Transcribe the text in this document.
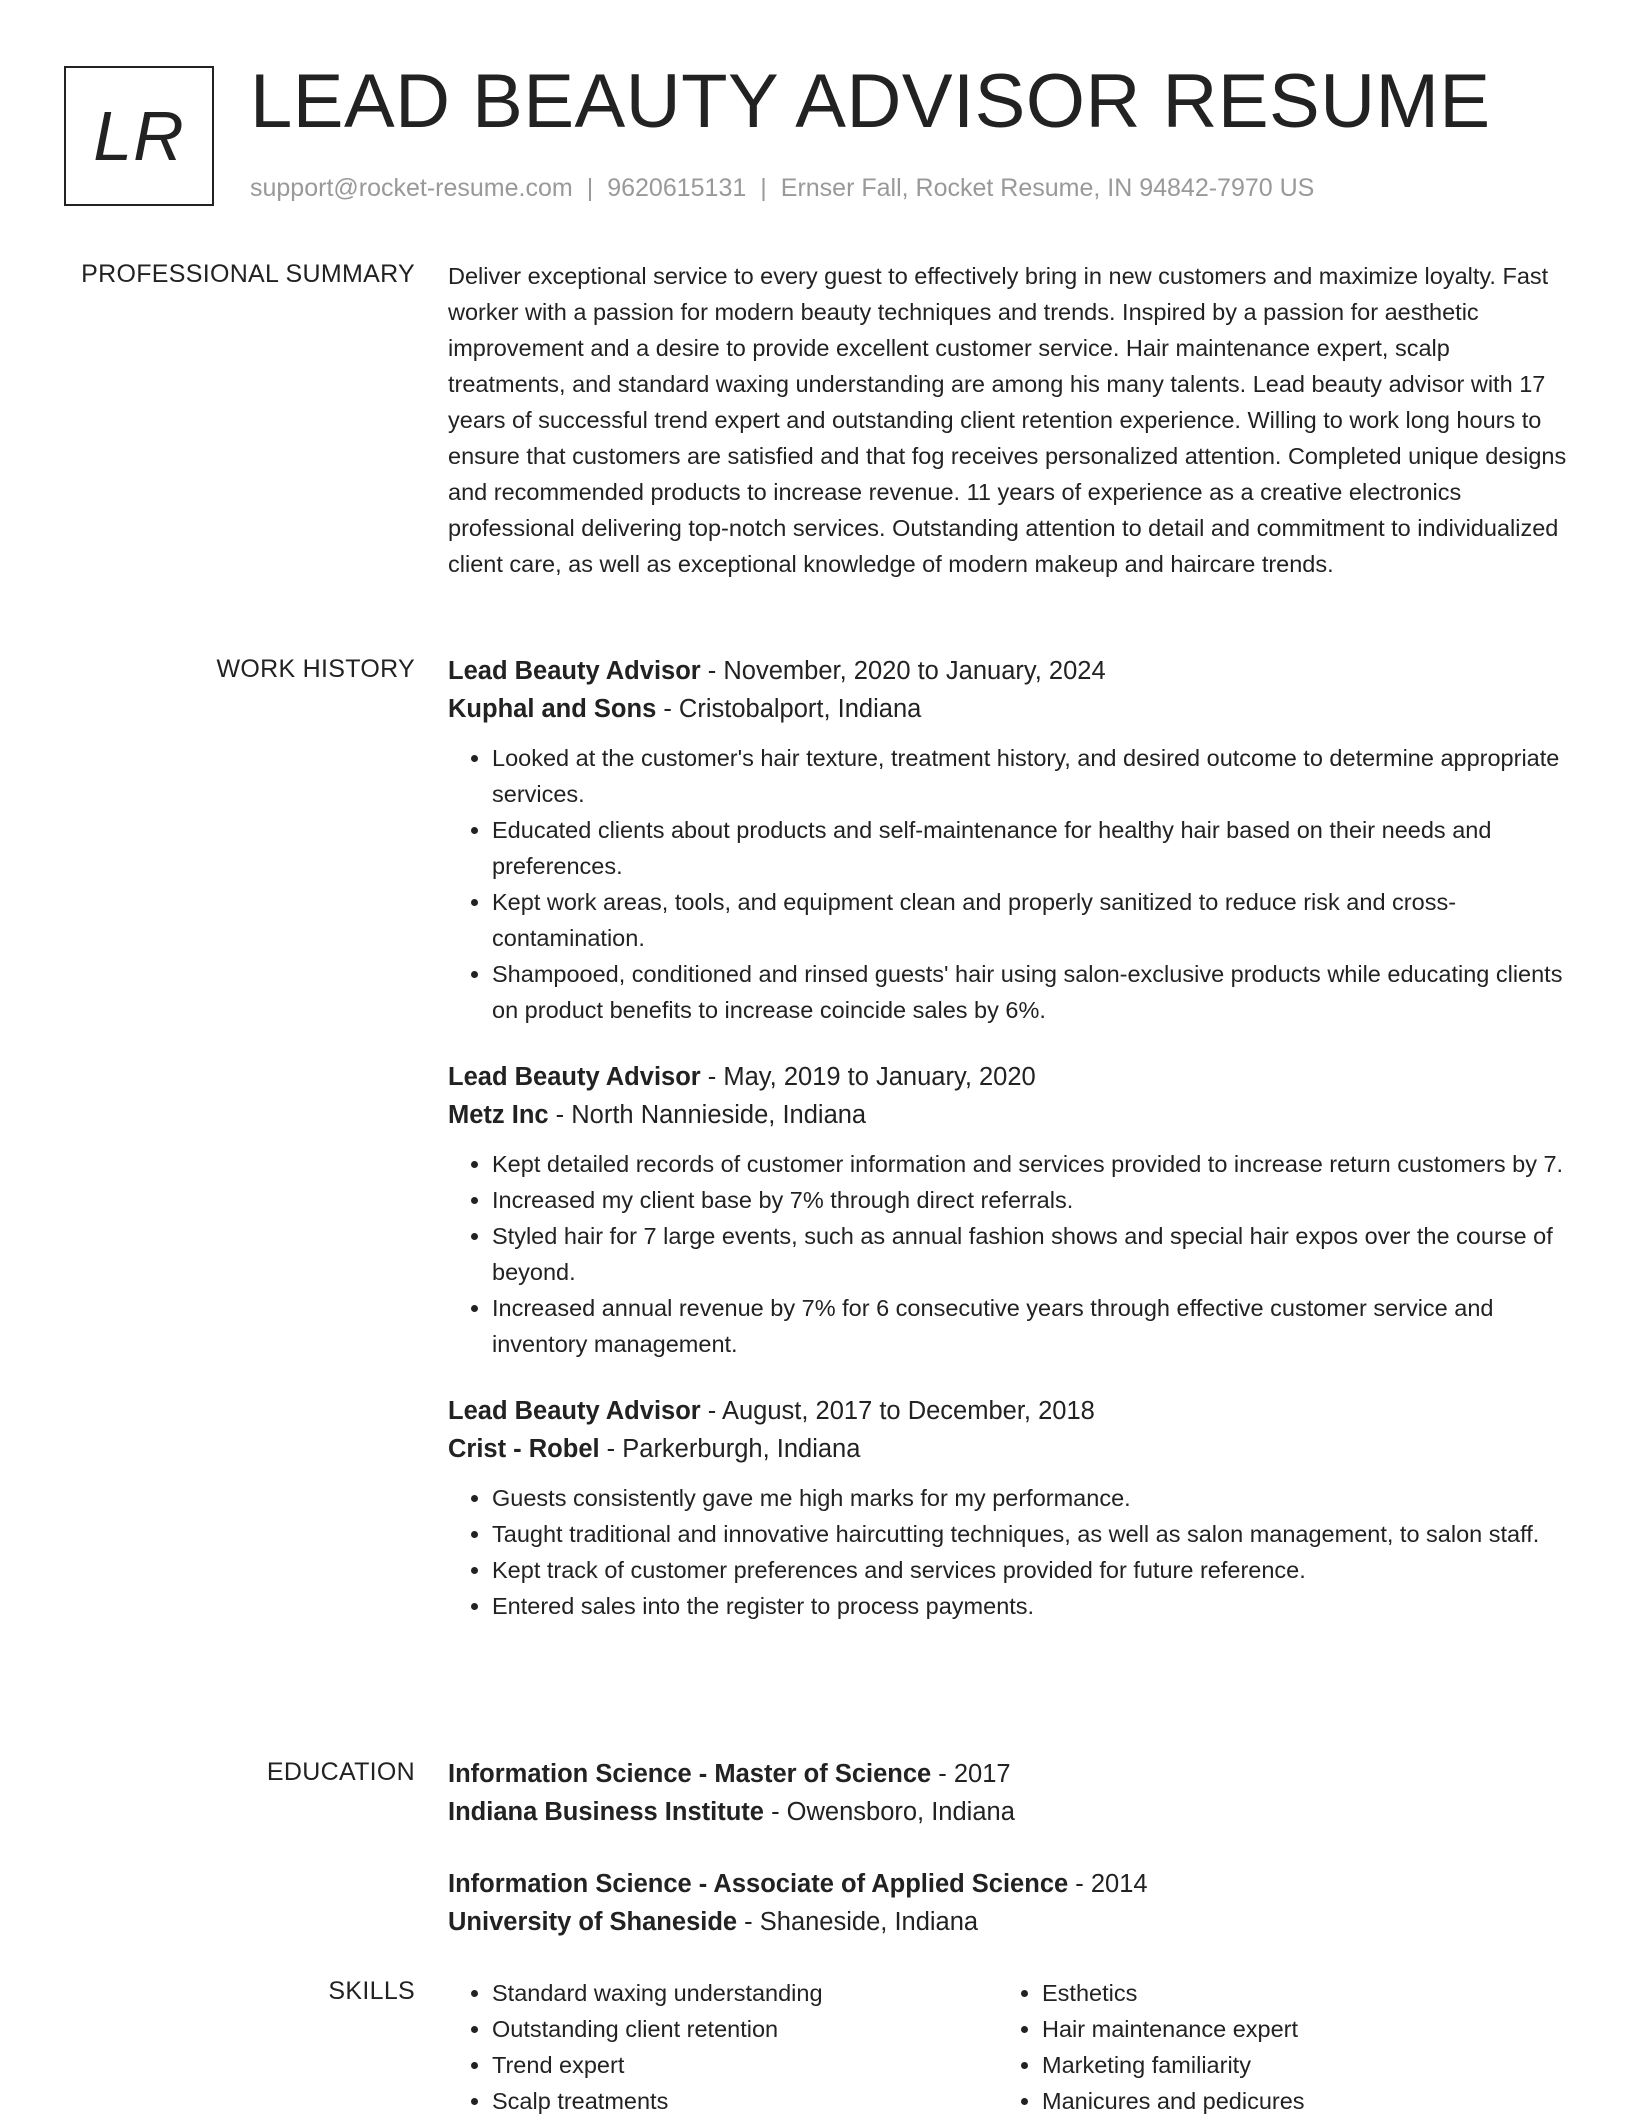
LR LEAD BEAUTY ADVISOR RESUME
support@rocket-resume.com | 9620615131 | Ernser Fall, Rocket Resume, IN 94842-7970 US
PROFESSIONAL SUMMARY Deliver exceptional service to every guest to effectively bring in new customers and maximize loyalty. Fast worker with a passion for modern beauty techniques and trends. Inspired by a passion for aesthetic improvement and a desire to provide excellent customer service. Hair maintenance expert, scalp treatments, and standard waxing understanding are among his many talents. Lead beauty advisor with 17 years of successful trend expert and outstanding client retention experience. Willing to work long hours to ensure that customers are satisfied and that fog receives personalized attention. Completed unique designs and recommended products to increase revenue. 11 years of experience as a creative electronics professional delivering top-notch services. Outstanding attention to detail and commitment to individualized client care, as well as exceptional knowledge of modern makeup and haircare trends.

WORK HISTORY Lead Beauty Advisor - November, 2020 to January, 2024
Kuphal and Sons - Cristobalport, Indiana
• Looked at the customer's hair texture, treatment history, and desired outcome to determine appropriate services.
• Educated clients about products and self-maintenance for healthy hair based on their needs and preferences.
• Kept work areas, tools, and equipment clean and properly sanitized to reduce risk and cross-contamination.
• Shampooed, conditioned and rinsed guests' hair using salon-exclusive products while educating clients on product benefits to increase coincide sales by 6%.
Lead Beauty Advisor - May, 2019 to January, 2020
Metz Inc - North Nannieside, Indiana
• Kept detailed records of customer information and services provided to increase return customers by 7.
• Increased my client base by 7% through direct referrals.
• Styled hair for 7 large events, such as annual fashion shows and special hair expos over the course of beyond.
• Increased annual revenue by 7% for 6 consecutive years through effective customer service and inventory management.
Lead Beauty Advisor - August, 2017 to December, 2018
Crist - Robel - Parkerburgh, Indiana
• Guests consistently gave me high marks for my performance.
• Taught traditional and innovative haircutting techniques, as well as salon management, to salon staff.
• Kept track of customer preferences and services provided for future reference.
• Entered sales into the register to process payments.
EDUCATION Information Science - Master of Science - 2017
Indiana Business Institute - Owensboro, Indiana
Information Science - Associate of Applied Science - 2014
University of Shaneside - Shaneside, Indiana
SKILLS
•	Standard waxing understanding
• Outstanding client retention
• Trend expert
• Scalp treatments
• Esthetics
• Hair maintenance expert
• Marketing familiarity
• Manicures and pedicures
